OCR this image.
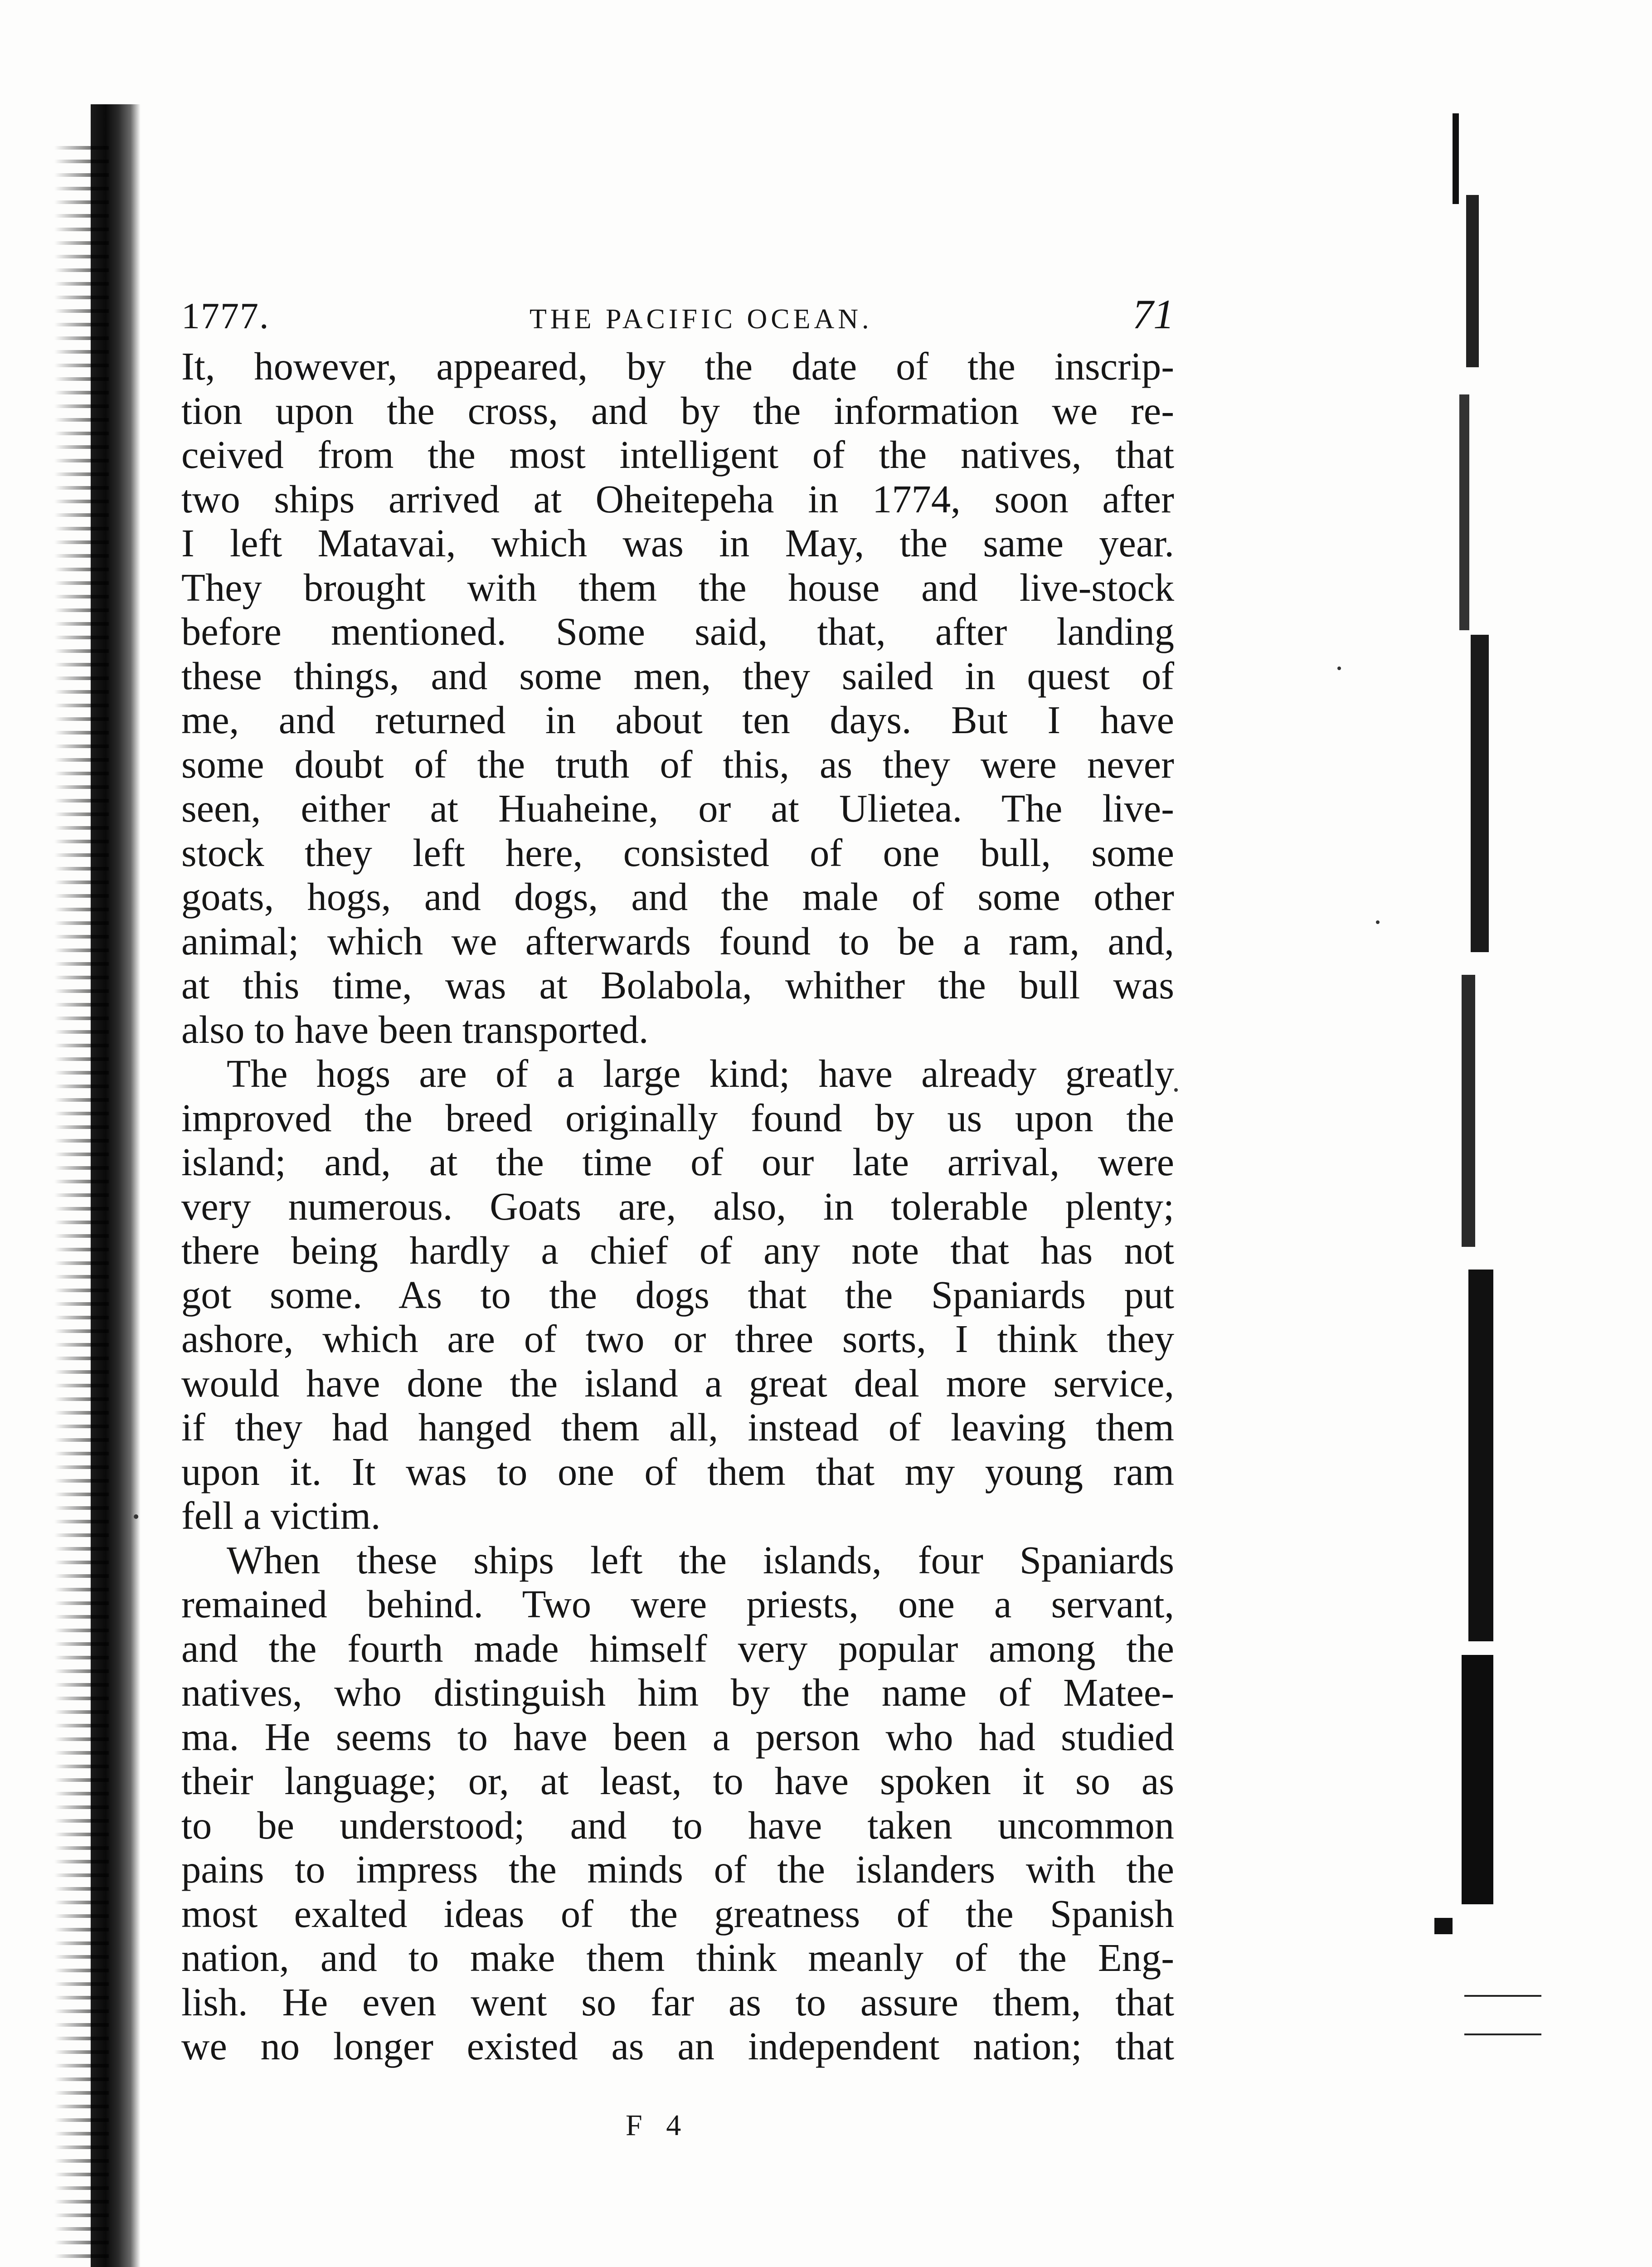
1777.	THE PACIFIC OCEAN.	71

It, however, appeared, by the date of the inscrip-
tion upon the cross, and by the information we re-
ceived from the most intelligent of the natives, that
two ships arrived at Oheitepeha in 1774, soon after
I left Matavai, which was in May, the same year.
They brought with them the house and live-stock
before mentioned. Some said, that, after landing
these things, and some men, they sailed in quest of
me, and returned in about ten days. But I have
some doubt of the truth of this, as they were never
seen, either at Huaheine, or at Ulietea. The live-
stock they left here, consisted of one bull, some
goats, hogs, and dogs, and the male of some other
animal; which we afterwards found to be a ram, and,
at this time, was at Bolabola, whither the bull was
also to have been transported.

The hogs are of a large kind; have already greatly
improved the breed originally found by us upon the
island; and, at the time of our late arrival, were
very numerous. Goats are, also, in tolerable plenty;
there being hardly a chief of any note that has not
got some. As to the dogs that the Spaniards put
ashore, which are of two or three sorts, I think they
would have done the island a great deal more service,
if they had hanged them all, instead of leaving them
upon it. It was to one of them that my young ram
fell a victim.

When these ships left the islands, four Spaniards
remained behind. Two were priests, one a servant,
and the fourth made himself very popular among the
natives, who distinguish him by the name of Matee-
ma. He seems to have been a person who had studied
their language; or, at least, to have spoken it so as
to be understood; and to have taken uncommon
pains to impress the minds of the islanders with the
most exalted ideas of the greatness of the Spanish
nation, and to make them think meanly of the Eng-
lish. He even went so far as to assure them, that
we no longer existed as an independent nation; that

F 4
